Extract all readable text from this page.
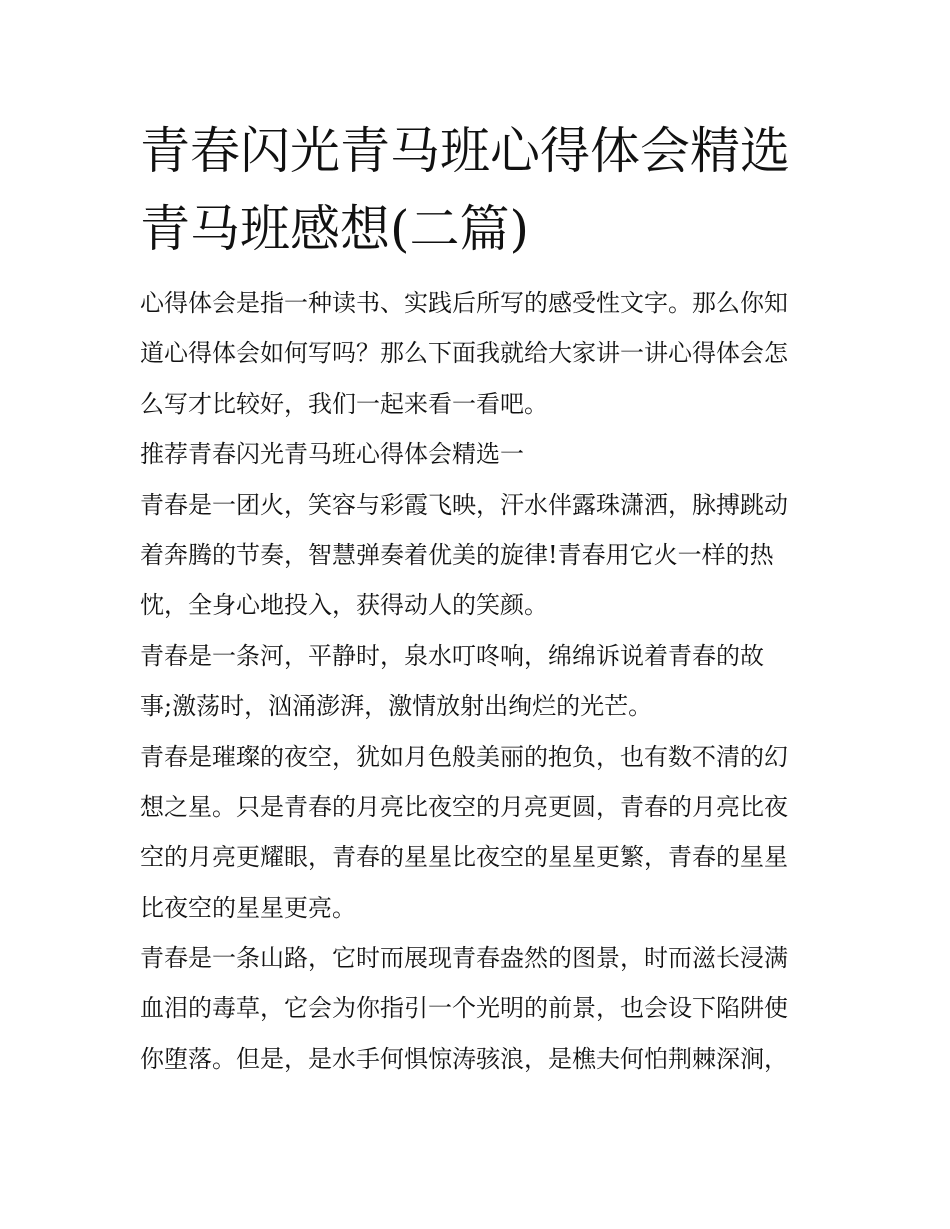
青春闪光青马班心得体会精选
青马班感想(二篇)

心得体会是指一种读书、实践后所写的感受性文字。那么你知
道心得体会如何写吗？那么下面我就给大家讲一讲心得体会怎
么写才比较好，我们一起来看一看吧。

推荐青春闪光青马班心得体会精选一

青春是一团火，笑容与彩霞飞映，汗水伴露珠潇洒，脉搏跳动
着奔腾的节奏，智慧弹奏着优美的旋律!青春用它火一样的热
忱，全身心地投入，获得动人的笑颜。

青春是一条河，平静时，泉水叮咚响，绵绵诉说着青春的故
事;激荡时，汹涌澎湃，激情放射出绚烂的光芒。

青春是璀璨的夜空，犹如月色般美丽的抱负，也有数不清的幻
想之星。只是青春的月亮比夜空的月亮更圆，青春的月亮比夜
空的月亮更耀眼，青春的星星比夜空的星星更繁，青春的星星
比夜空的星星更亮。

青春是一条山路，它时而展现青春盎然的图景，时而滋长浸满
血泪的毒草，它会为你指引一个光明的前景，也会设下陷阱使
你堕落。但是，是水手何惧惊涛骇浪，是樵夫何怕荆棘深涧，
